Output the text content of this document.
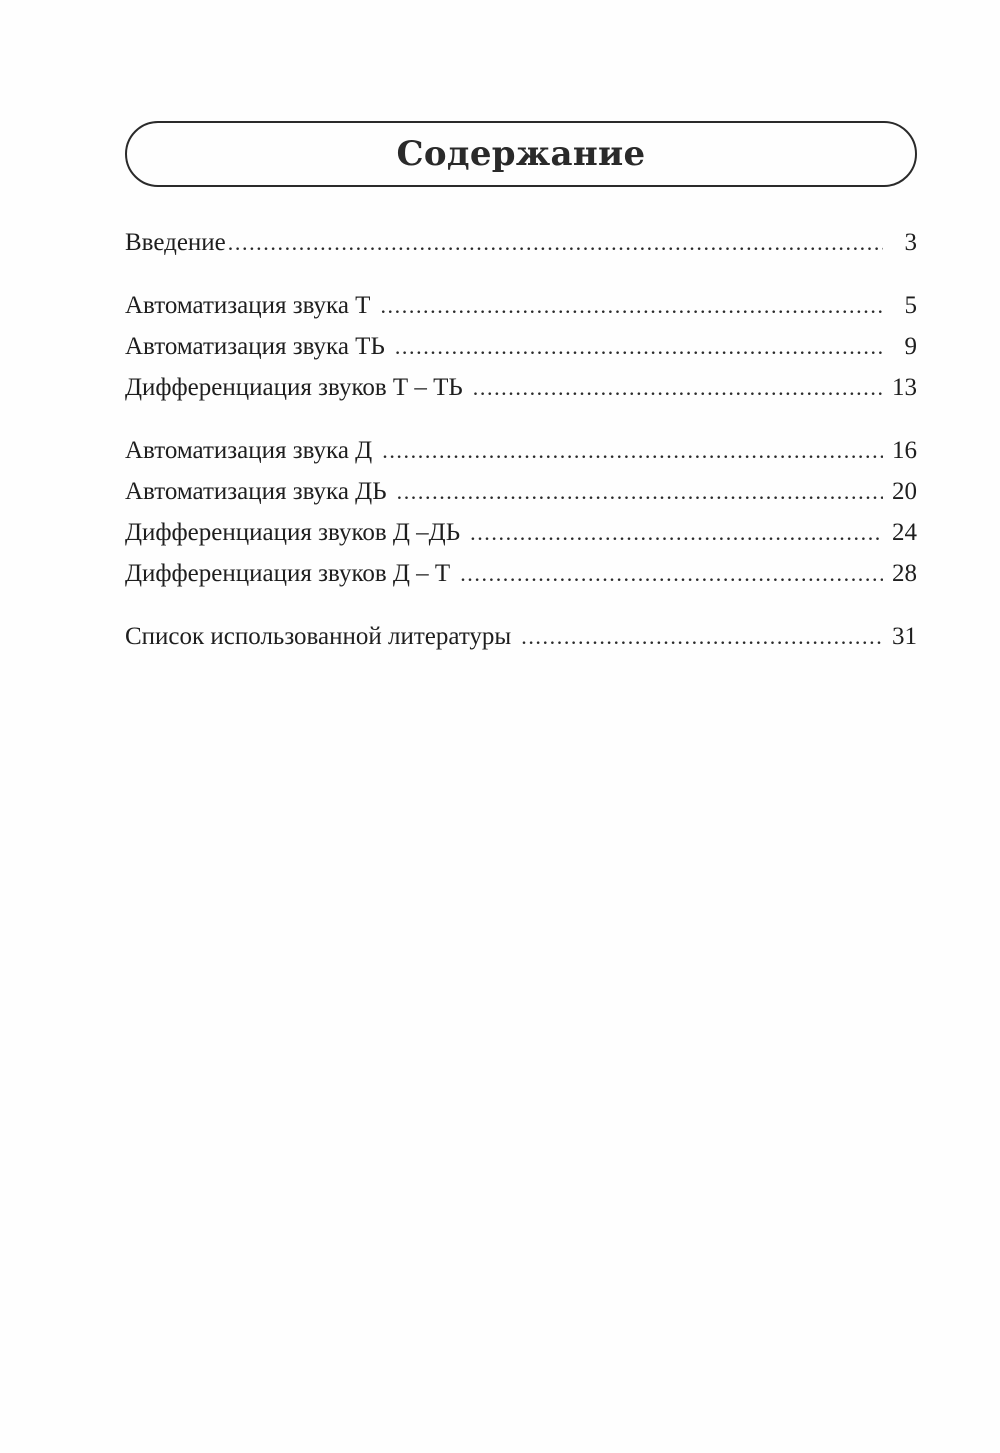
Содержание
Введение .....	3
Автоматизация звука Т .....	5
Автоматизация звука ТЬ .....	9
Дифференциация звуков Т – ТЬ .....	13
Автоматизация звука Д .....	16
Автоматизация звука ДЬ .....	20
Дифференциация звуков Д –ДЬ .....	24
Дифференциация звуков Д – Т .....	28
Список использованной литературы .....	31
